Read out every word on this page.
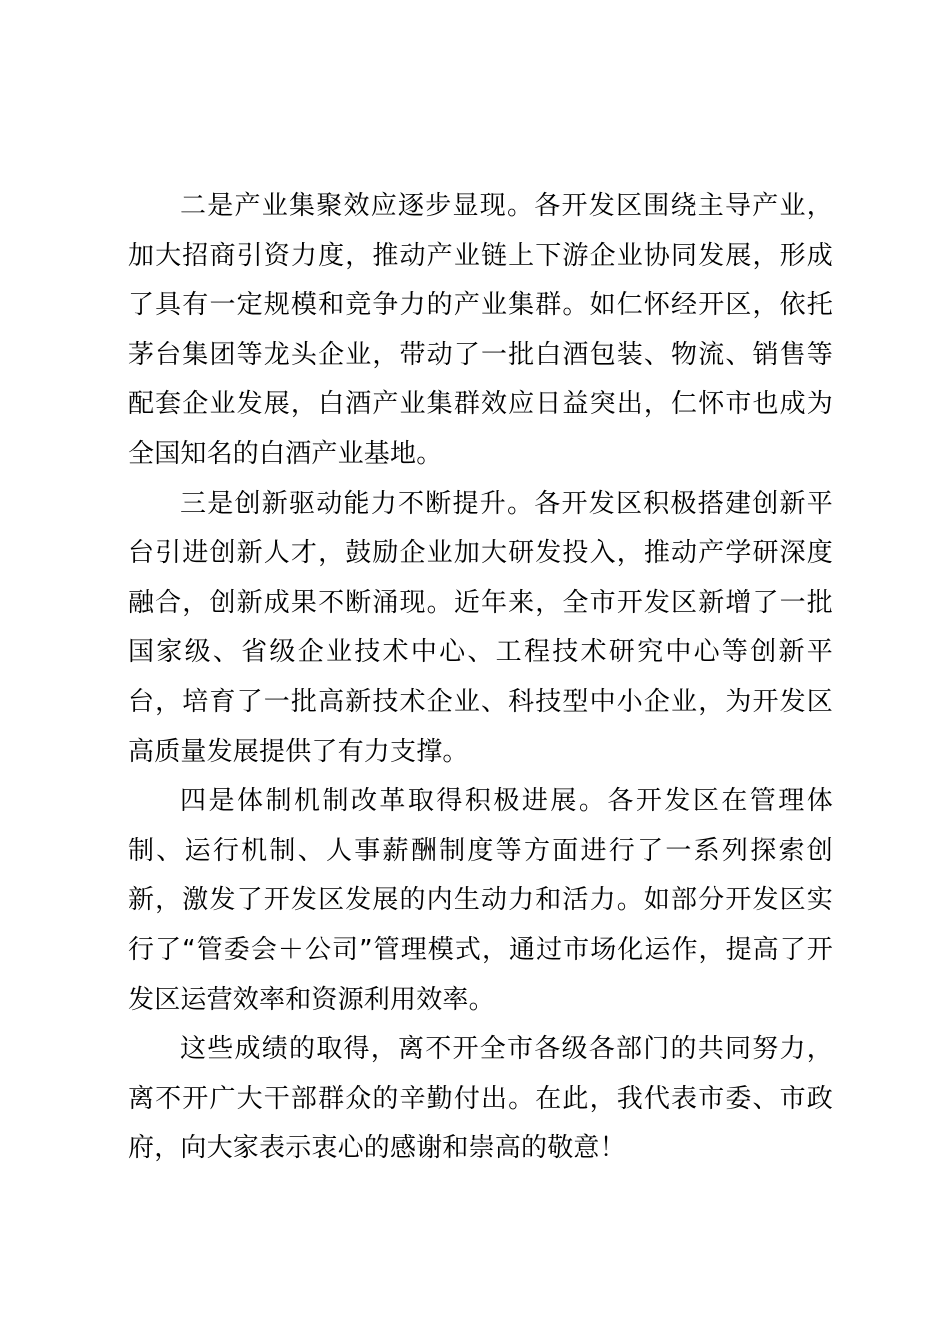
二是产业集聚效应逐步显现。各开发区围绕主导产业，加大招商引资力度，推动产业链上下游企业协同发展，形成了具有一定规模和竞争力的产业集群。如仁怀经开区，依托茅台集团等龙头企业，带动了一批白酒包装、物流、销售等配套企业发展，白酒产业集群效应日益突出，仁怀市也成为全国知名的白酒产业基地。

三是创新驱动能力不断提升。各开发区积极搭建创新平台引进创新人才，鼓励企业加大研发投入，推动产学研深度融合，创新成果不断涌现。近年来，全市开发区新增了一批国家级、省级企业技术中心、工程技术研究中心等创新平台，培育了一批高新技术企业、科技型中小企业，为开发区高质量发展提供了有力支撑。

四是体制机制改革取得积极进展。各开发区在管理体制、运行机制、人事薪酬制度等方面进行了一系列探索创新，激发了开发区发展的内生动力和活力。如部分开发区实行了“管委会＋公司”管理模式，通过市场化运作，提高了开发区运营效率和资源利用效率。

这些成绩的取得，离不开全市各级各部门的共同努力，离不开广大干部群众的辛勤付出。在此，我代表市委、市政府，向大家表示衷心的感谢和崇高的敬意！
